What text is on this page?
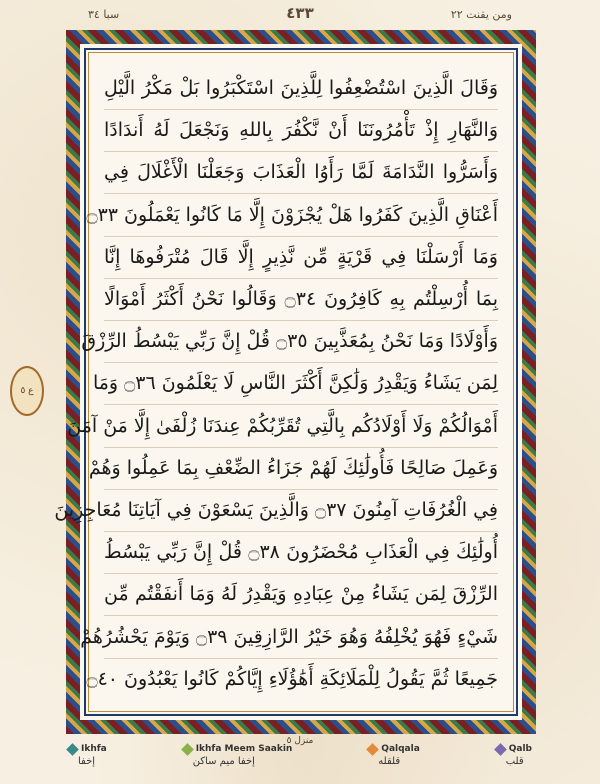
سبا ٣٤	٤٣٣	ومن يقنت ٢٢
وَقَالَ الَّذِينَ اسْتُضْعِفُوا لِلَّذِينَ اسْتَكْبَرُوا بَلْ مَكْرُ الَّيْلِ
وَالنَّهَارِ إِذْ تَأْمُرُونَنَا أَنْ نَّكْفُرَ بِاللهِ وَنَجْعَلَ لَهُ أَندَادًا
وَأَسَرُّوا النَّدَامَةَ لَمَّا رَأَوُا الْعَذَابَ وَجَعَلْنَا الْأَغْلَالَ فِي
أَعْنَاقِ الَّذِينَ كَفَرُوا هَلْ يُجْزَوْنَ إِلَّا مَا كَانُوا يَعْمَلُونَ ۝٣٣
وَمَا أَرْسَلْنَا فِي قَرْيَةٍ مِّن نَّذِيرٍ إِلَّا قَالَ مُتْرَفُوهَا إِنَّا
بِمَا أُرْسِلْتُم بِهِ كَافِرُونَ ۝٣٤ وَقَالُوا نَحْنُ أَكْثَرُ أَمْوَالًا
وَأَوْلَادًا وَمَا نَحْنُ بِمُعَذَّبِينَ ۝٣٥ قُلْ إِنَّ رَبِّي يَبْسُطُ الرِّزْقَ
لِمَن يَشَاءُ وَيَقْدِرُ وَلَٰكِنَّ أَكْثَرَ النَّاسِ لَا يَعْلَمُونَ ۝٣٦ وَمَا
أَمْوَالُكُمْ وَلَا أَوْلَادُكُم بِالَّتِي تُقَرِّبُكُمْ عِندَنَا زُلْفَىٰ إِلَّا مَنْ آمَنَ
وَعَمِلَ صَالِحًا فَأُولَٰئِكَ لَهُمْ جَزَاءُ الضِّعْفِ بِمَا عَمِلُوا وَهُمْ
فِي الْغُرُفَاتِ آمِنُونَ ۝٣٧ وَالَّذِينَ يَسْعَوْنَ فِي آيَاتِنَا مُعَاجِزِينَ
أُولَٰئِكَ فِي الْعَذَابِ مُحْضَرُونَ ۝٣٨ قُلْ إِنَّ رَبِّي يَبْسُطُ
الرِّزْقَ لِمَن يَشَاءُ مِنْ عِبَادِهِ وَيَقْدِرُ لَهُ وَمَا أَنفَقْتُم مِّن
شَيْءٍ فَهُوَ يُخْلِفُهُ وَهُوَ خَيْرُ الرَّازِقِينَ ۝٣٩ وَيَوْمَ يَحْشُرُهُمْ
جَمِيعًا ثُمَّ يَقُولُ لِلْمَلَائِكَةِ أَهَٰؤُلَاءِ إِيَّاكُمْ كَانُوا يَعْبُدُونَ ۝٤٠
ع ٥
منزل ٥
Ikhfa
إخفا
Ikhfa Meem Saakin
إخفا ميم ساكن
Qalqala
قلقله
Qalb
قلب
